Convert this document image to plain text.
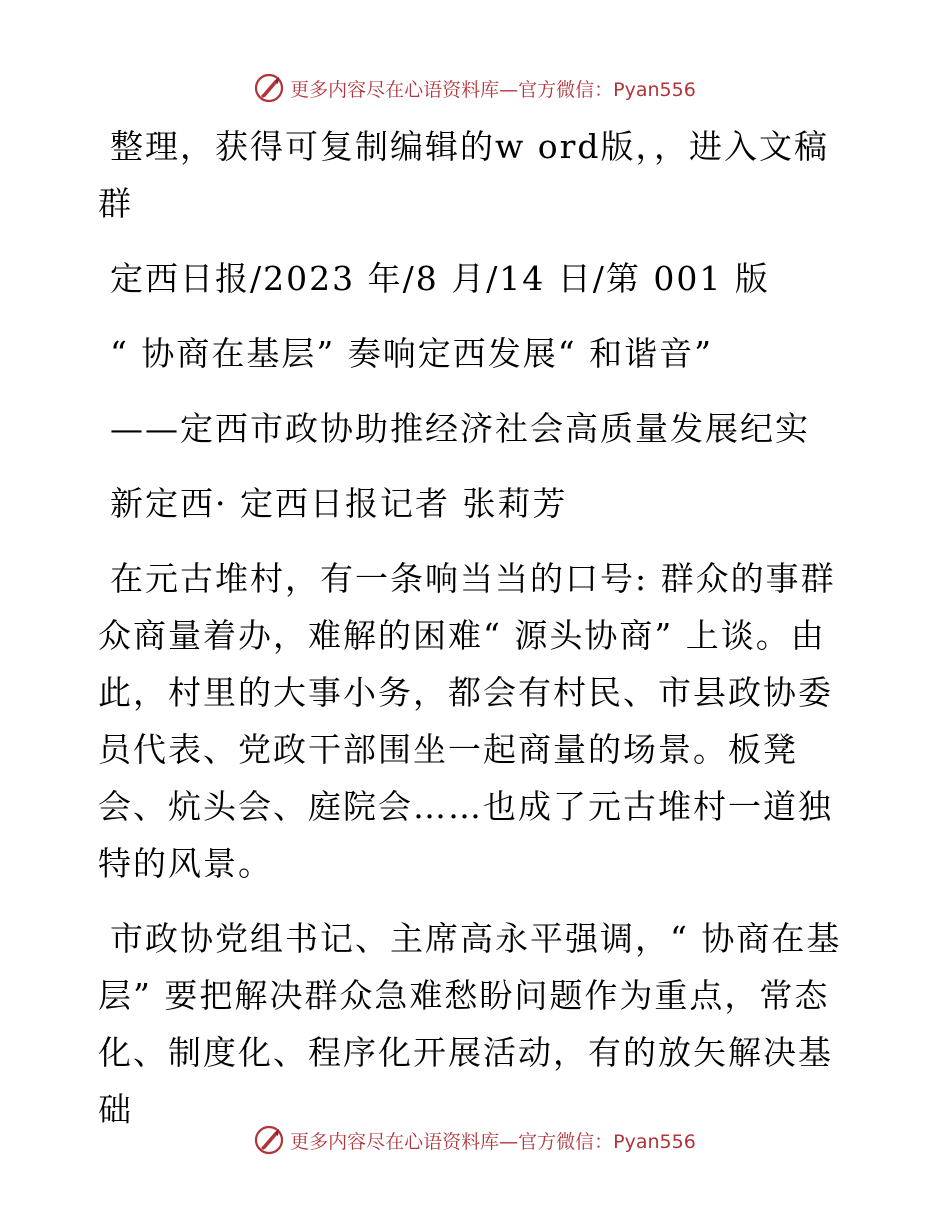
更多内容尽在心语资料库—官方微信：Pyan556

整理，获得可复制编辑的w ord版，，进入文稿群

定西日报/2023 年/8 月/14 日/第 001 版

“ 协商在基层” 奏响定西发展“ 和谐音”

——定西市政协助推经济社会高质量发展纪实

新定西· 定西日报记者 张莉芳

在元古堆村，有一条响当当的口号: 群众的事群众商量着办，难解的困难“ 源头协商” 上谈。由此，村里的大事小务，都会有村民、市县政协委员代表、党政干部围坐一起商量的场景。板凳会、炕头会、庭院会……也成了元古堆村一道独特的风景。

市政协党组书记、主席高永平强调，“ 协商在基层” 要把解决群众急难愁盼问题作为重点，常态化、制度化、程序化开展活动，有的放矢解决基础

更多内容尽在心语资料库—官方微信：Pyan556
